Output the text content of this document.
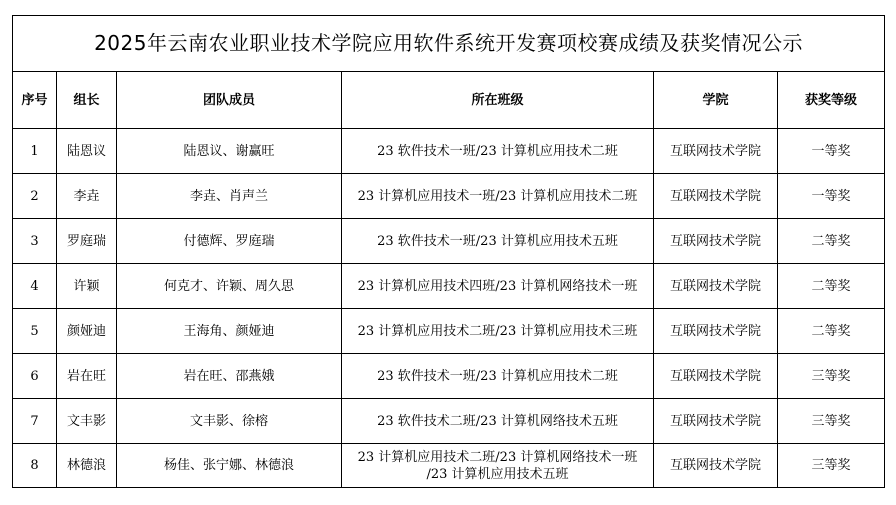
2025年云南农业职业技术学院应用软件系统开发赛项校赛成绩及获奖情况公示					
序号	组长	团队成员	所在班级	学院	获奖等级
1	陆恩议	陆恩议、谢赢旺	23 软件技术一班/23 计算机应用技术二班	互联网技术学院	一等奖
2	李垚	李垚、肖声兰	23 计算机应用技术一班/23 计算机应用技术二班	互联网技术学院	一等奖
3	罗庭瑞	付德辉、罗庭瑞	23 软件技术一班/23 计算机应用技术五班	互联网技术学院	二等奖
4	许颖	何克才、许颖、周久思	23 计算机应用技术四班/23 计算机网络技术一班	互联网技术学院	二等奖
5	颜娅迪	王海角、颜娅迪	23 计算机应用技术二班/23 计算机应用技术三班	互联网技术学院	二等奖
6	岩在旺	岩在旺、邵燕娥	23 软件技术一班/23 计算机应用技术二班	互联网技术学院	三等奖
7	文丰影	文丰影、徐榕	23 软件技术二班/23 计算机网络技术五班	互联网技术学院	三等奖
8	林德浪	杨佳、张宁娜、林德浪	23 计算机应用技术二班/23 计算机网络技术一班
/23 计算机应用技术五班	互联网技术学院	三等奖
